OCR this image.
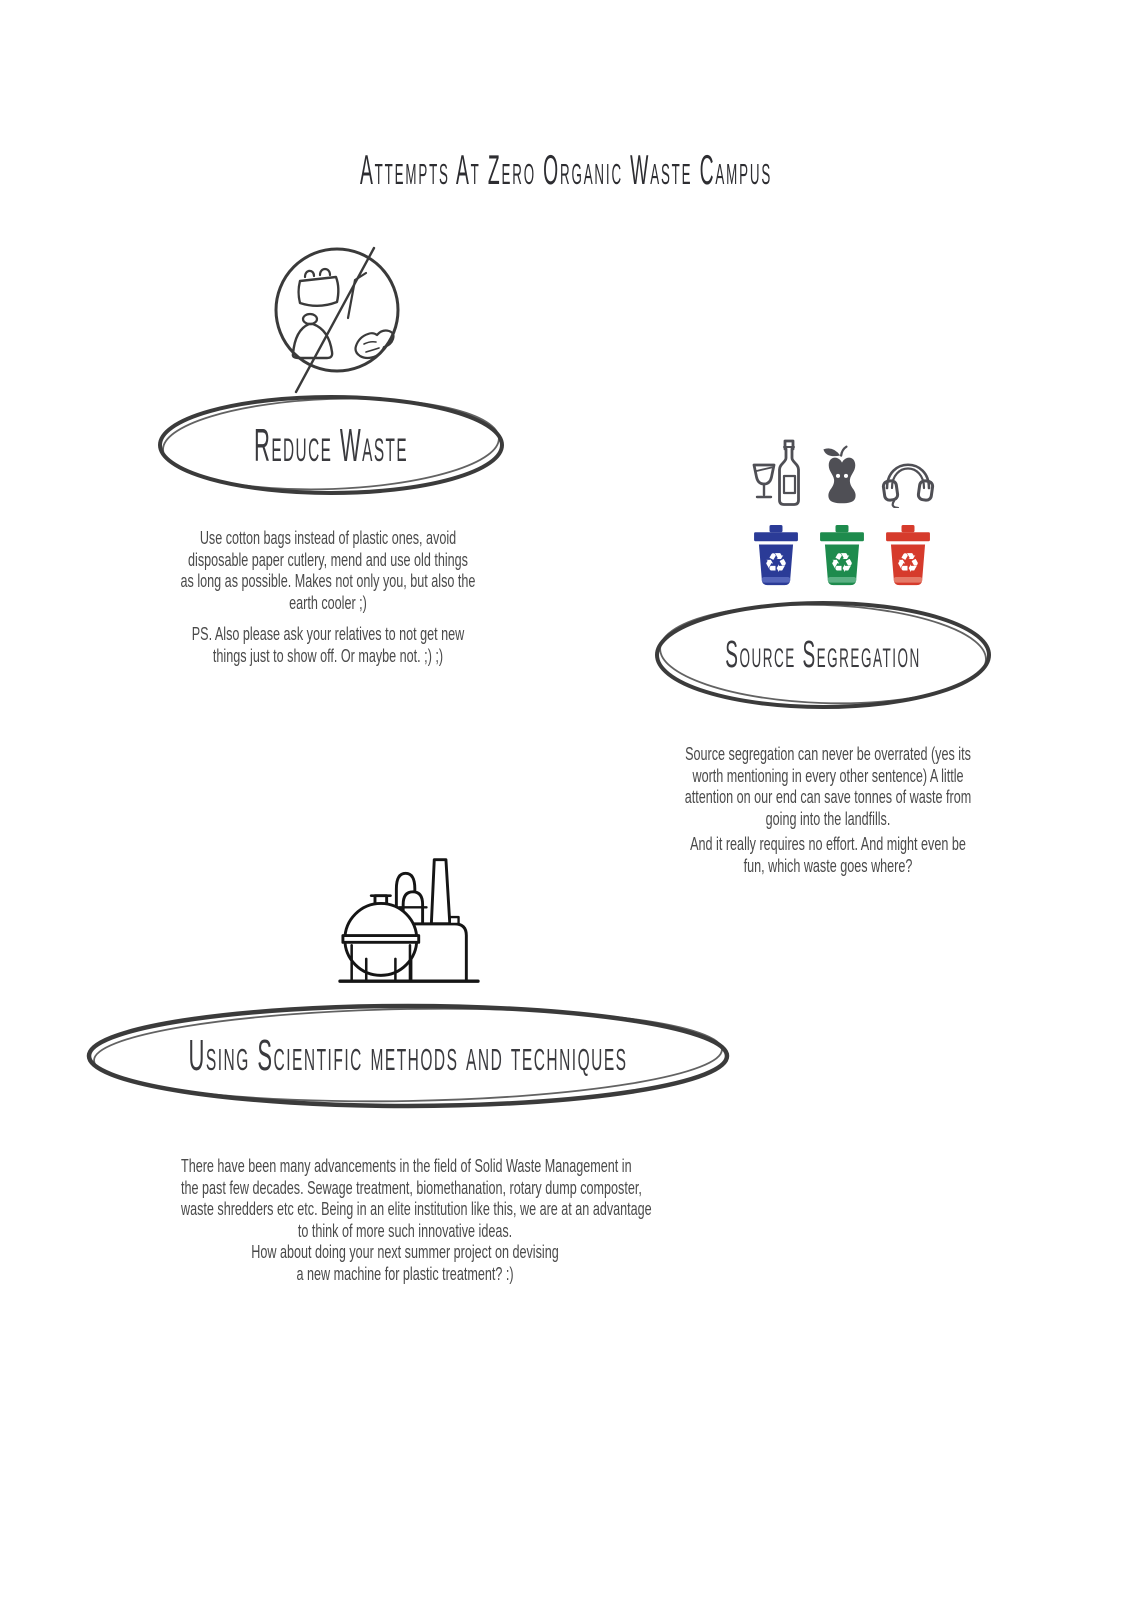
Attempts At Zero Organic Waste Campus
Reduce Waste
Use cotton bags instead of plastic ones, avoid
disposable paper cutlery, mend and use old things
as long as possible. Makes not only you, but also the
earth cooler ;)
PS. Also please ask your relatives to not get new
things just to show off. Or maybe not. ;) ;)
♻ ♻ ♻
Source Segregation
Source segregation can never be overrated (yes its
worth mentioning in every other sentence) A little
attention on our end can save tonnes of waste from
going into the landfills.
And it really requires no effort. And might even be
fun, which waste goes where?
Using Scientific methods and techniques
There have been many advancements in the field of Solid Waste Management in
the past few decades. Sewage treatment, biomethanation, rotary dump composter,
waste shredders etc etc. Being in an elite institution like this, we are at an advantage
to think of more such innovative ideas.
How about doing your next summer project on devising
a new machine for plastic treatment? :)
